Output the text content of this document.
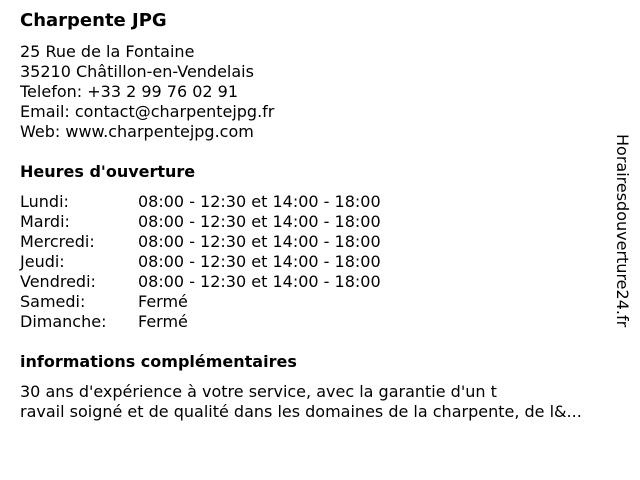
Charpente JPG
25 Rue de la Fontaine
35210 Châtillon-en-Vendelais
Telefon: +33 2 99 76 02 91
Email: contact@charpentejpg.fr
Web: www.charpentejpg.com
Heures d'ouverture
Lundi:	08:00 - 12:30 et 14:00 - 18:00
Mardi:	08:00 - 12:30 et 14:00 - 18:00
Mercredi:	08:00 - 12:30 et 14:00 - 18:00
Jeudi:	08:00 - 12:30 et 14:00 - 18:00
Vendredi:	08:00 - 12:30 et 14:00 - 18:00
Samedi:	Fermé
Dimanche:	Fermé
informations complémentaires
30 ans d'expérience à votre service, avec la garantie d'un t
ravail soigné et de qualité dans les domaines de la charpente, de l&...
Horairesdouverture24.fr
